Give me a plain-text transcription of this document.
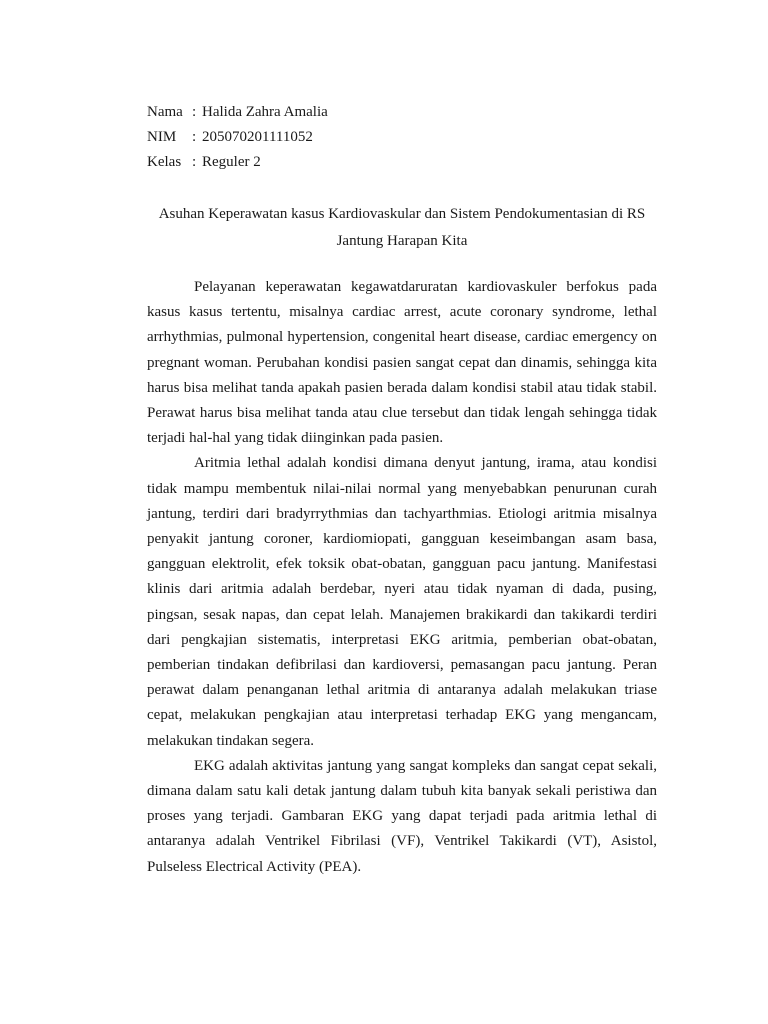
Nama : Halida Zahra Amalia
NIM	: 205070201111052
Kelas : Reguler 2
Asuhan Keperawatan kasus Kardiovaskular dan Sistem Pendokumentasian di RS
Jantung Harapan Kita

Pelayanan keperawatan kegawatdaruratan kardiovaskuler berfokus pada kasus kasus tertentu, misalnya cardiac arrest, acute coronary syndrome, lethal arrhythmias, pulmonal hypertension, congenital heart disease, cardiac emergency on pregnant woman. Perubahan kondisi pasien sangat cepat dan dinamis, sehingga kita harus bisa melihat tanda apakah pasien berada dalam kondisi stabil atau tidak stabil. Perawat harus bisa melihat tanda atau clue tersebut dan tidak lengah sehingga tidak terjadi hal-hal yang tidak diinginkan pada pasien.

Aritmia lethal adalah kondisi dimana denyut jantung, irama, atau kondisi tidak mampu membentuk nilai-nilai normal yang menyebabkan penurunan curah jantung, terdiri dari bradyrrythmias dan tachyarthmias. Etiologi aritmia misalnya penyakit jantung coroner, kardiomiopati, gangguan keseimbangan asam basa, gangguan elektrolit, efek toksik obat-obatan, gangguan pacu jantung. Manifestasi klinis dari aritmia adalah berdebar, nyeri atau tidak nyaman di dada, pusing, pingsan, sesak napas, dan cepat lelah. Manajemen brakikardi dan takikardi terdiri dari pengkajian sistematis, interpretasi EKG aritmia, pemberian obat-obatan, pemberian tindakan defibrilasi dan kardioversi, pemasangan pacu jantung. Peran perawat dalam penanganan lethal aritmia di antaranya adalah melakukan triase cepat, melakukan pengkajian atau interpretasi terhadap EKG yang mengancam, melakukan tindakan segera.

EKG adalah aktivitas jantung yang sangat kompleks dan sangat cepat sekali, dimana dalam satu kali detak jantung dalam tubuh kita banyak sekali peristiwa dan proses yang terjadi. Gambaran EKG yang dapat terjadi pada aritmia lethal di antaranya adalah Ventrikel Fibrilasi (VF), Ventrikel Takikardi (VT), Asistol, Pulseless Electrical Activity (PEA).
